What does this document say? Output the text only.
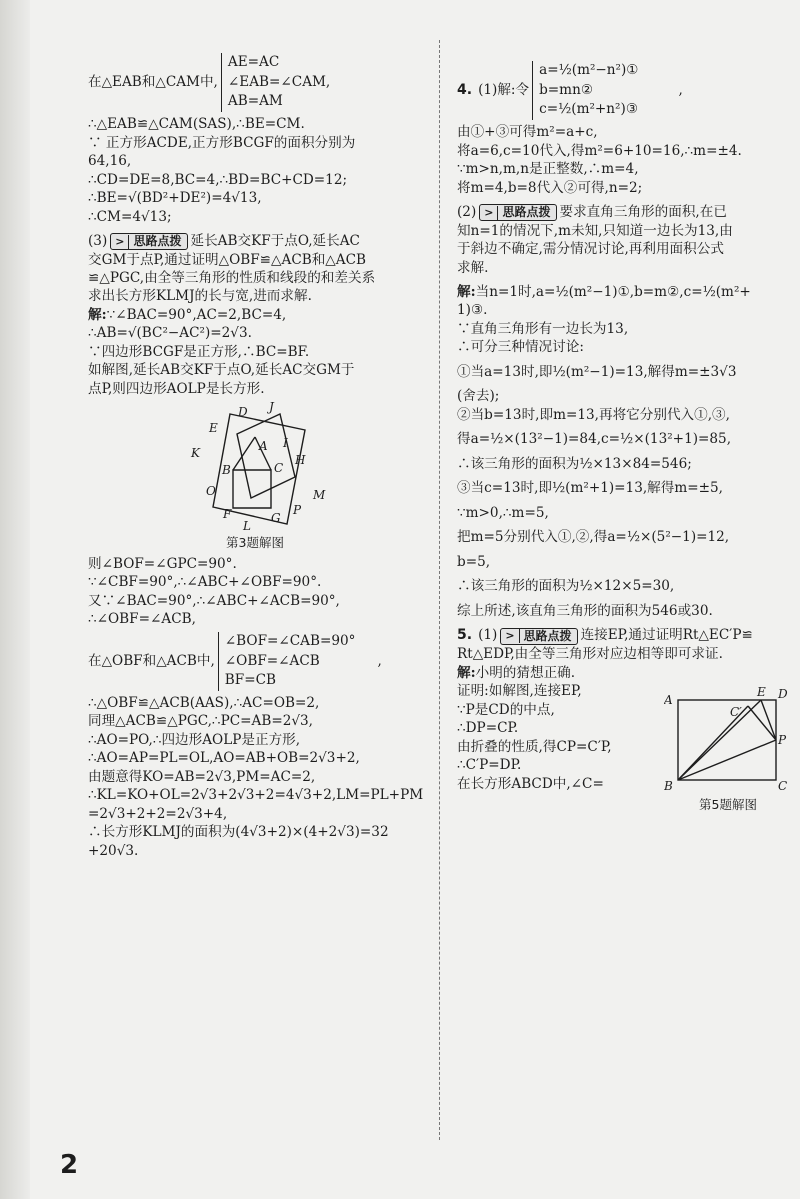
在△EAB和△CAM中,
AE=AC
∠EAB=∠CAM,
AB=AM

∴△EAB≌△CAM(SAS),∴BE=CM.

∵ 正方形ACDE,正方形BCGF的面积分别为

64,16,

∴CD=DE=8,BC=4,∴BD=BC+CD=12;

∴BE=√(BD²+DE²)=4√13,

∴CM=4√13;

(3) > 思路点拨 延长AB交KF于点O,延长AC

交GM于点P,通过证明△OBF≌△ACB和△ACB

≌△PGC,由全等三角形的性质和线段的和差关系

求出长方形KLMJ的长与宽,进而求解.

解:∵∠BAC=90°,AC=2,BC=4,

∴AB=√(BC²−AC²)=2√3.

∵四边形BCGF是正方形,∴BC=BF.

如解图,延长AB交KF于点O,延长AC交GM于

点P,则四边形AOLP是长方形.

D J
E
A I
K
B	C
H
O	M
F	G
P
L
第3题解图

则∠BOF=∠GPC=90°.

∵∠CBF=90°,∴∠ABC+∠OBF=90°.

又∵∠BAC=90°,∴∠ABC+∠ACB=90°,

∴∠OBF=∠ACB,

在△OBF和△ACB中,
∠BOF=∠CAB=90°
∠OBF=∠ACB
BF=CB
,

∴△OBF≌△ACB(AAS),∴AC=OB=2,

同理△ACB≌△PGC,∴PC=AB=2√3,

∴AO=PO,∴四边形AOLP是正方形,

∴AO=AP=PL=OL,AO=AB+OB=2√3+2,

由题意得KO=AB=2√3,PM=AC=2,

∴KL=KO+OL=2√3+2√3+2=4√3+2,LM=PL+PM

=2√3+2+2=2√3+4,

∴长方形KLMJ的面积为(4√3+2)×(4+2√3)=32

+20√3.

4. (1)解:令
a=½(m²−n²)①
b=mn②
c=½(m²+n²)③
,

由①+③可得m²=a+c,

将a=6,c=10代入,得m²=6+10=16,∴m=±4.

∵m>n,m,n是正整数,∴m=4,

将m=4,b=8代入②可得,n=2;

(2) > 思路点拨 要求直角三角形的面积,在已

知n=1的情况下,m未知,只知道一边长为13,由

于斜边不确定,需分情况讨论,再利用面积公式

求解.

解:当n=1时,a=½(m²−1)①,b=m②,c=½(m²+

1)③.

∵直角三角形有一边长为13,

∴可分三种情况讨论:

①当a=13时,即½(m²−1)=13,解得m=±3√3

(舍去);

②当b=13时,即m=13,再将它分别代入①,③,

得a=½×(13²−1)=84,c=½×(13²+1)=85,

∴该三角形的面积为½×13×84=546;

③当c=13时,即½(m²+1)=13,解得m=±5,

∵m>0,∴m=5,

把m=5分别代入①,②,得a=½×(5²−1)=12,

b=5,

∴该三角形的面积为½×12×5=30,

综上所述,该直角三角形的面积为546或30.

5. (1) > 思路点拨 连接EP,通过证明Rt△EC′P≌

Rt△EDP,由全等三角形对应边相等即可求证.

解:小明的猜想正确.

A
E D
C′
P
B	C
第5题解图

证明:如解图,连接EP,

∵P是CD的中点,

∴DP=CP.

由折叠的性质,得CP=C′P,

∴C′P=DP.

在长方形ABCD中,∠C=

2
